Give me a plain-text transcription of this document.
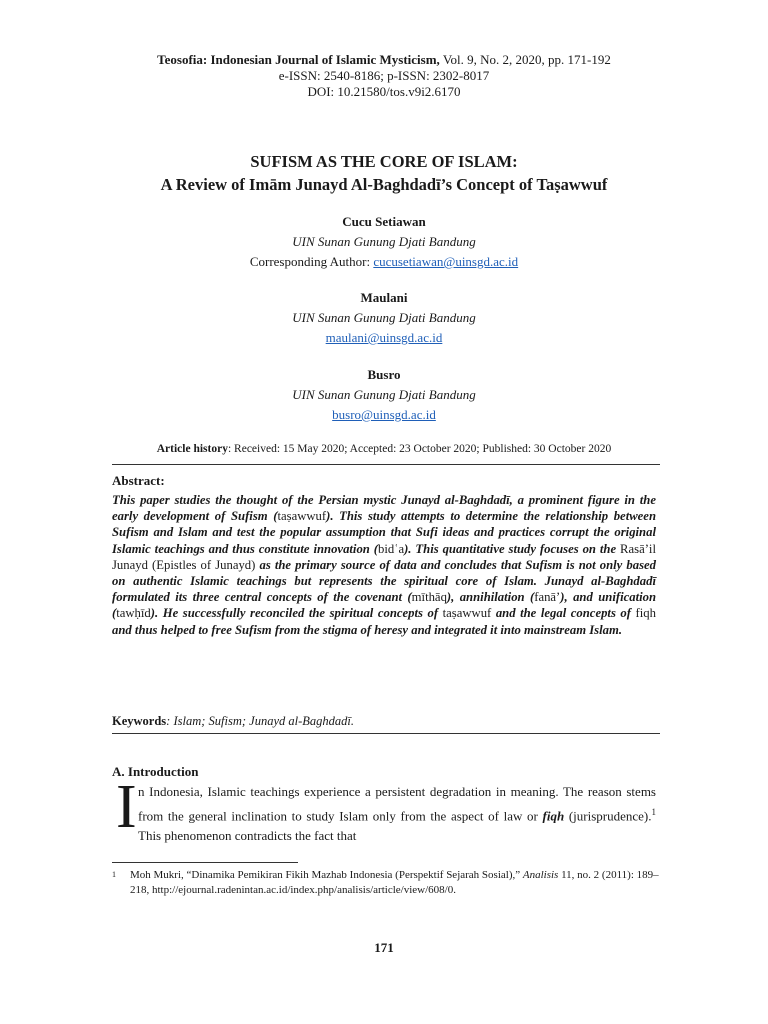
Teosofia: Indonesian Journal of Islamic Mysticism, Vol. 9, No. 2, 2020, pp. 171-192
e-ISSN: 2540-8186; p-ISSN: 2302-8017
DOI: 10.21580/tos.v9i2.6170
SUFISM AS THE CORE OF ISLAM:
A Review of Imām Junayd Al-Baghdadī’s Concept of Taṣawwuf
Cucu Setiawan
UIN Sunan Gunung Djati Bandung
Corresponding Author: cucusetiawan@uinsgd.ac.id
Maulani
UIN Sunan Gunung Djati Bandung
maulani@uinsgd.ac.id
Busro
UIN Sunan Gunung Djati Bandung
busro@uinsgd.ac.id
Article history: Received: 15 May 2020; Accepted: 23 October 2020; Published: 30 October 2020
Abstract:
This paper studies the thought of the Persian mystic Junayd al-Baghdadī, a prominent figure in the early development of Sufism (taṣawwuf). This study attempts to determine the relationship between Sufism and Islam and test the popular assumption that Sufi ideas and practices corrupt the original Islamic teachings and thus constitute innovation (bidʿa). This quantitative study focuses on the Rasā’il Junayd (Epistles of Junayd) as the primary source of data and concludes that Sufism is not only based on authentic Islamic teachings but represents the spiritual core of Islam. Junayd al-Baghdadī formulated its three central concepts of the covenant (mīthāq), annihilation (fanā’), and unification (tawḥīd). He successfully reconciled the spiritual concepts of taṣawwuf and the legal concepts of fiqh and thus helped to free Sufism from the stigma of heresy and integrated it into mainstream Islam.
Keywords: Islam; Sufism; Junayd al-Baghdadī.
A. Introduction
I n Indonesia, Islamic teachings experience a persistent degradation in meaning. The reason stems from the general inclination to study Islam only from the aspect of law or fiqh (jurisprudence).$^1$ This phenomenon contradicts the fact that
1 Moh Mukri, “Dinamika Pemikiran Fikih Mazhab Indonesia (Perspektif Sejarah Sosial),” Analisis 11, no. 2 (2011): 189–218, http://ejournal.radenintan.ac.id/index.php/analisis/article/view/608/0.
171
